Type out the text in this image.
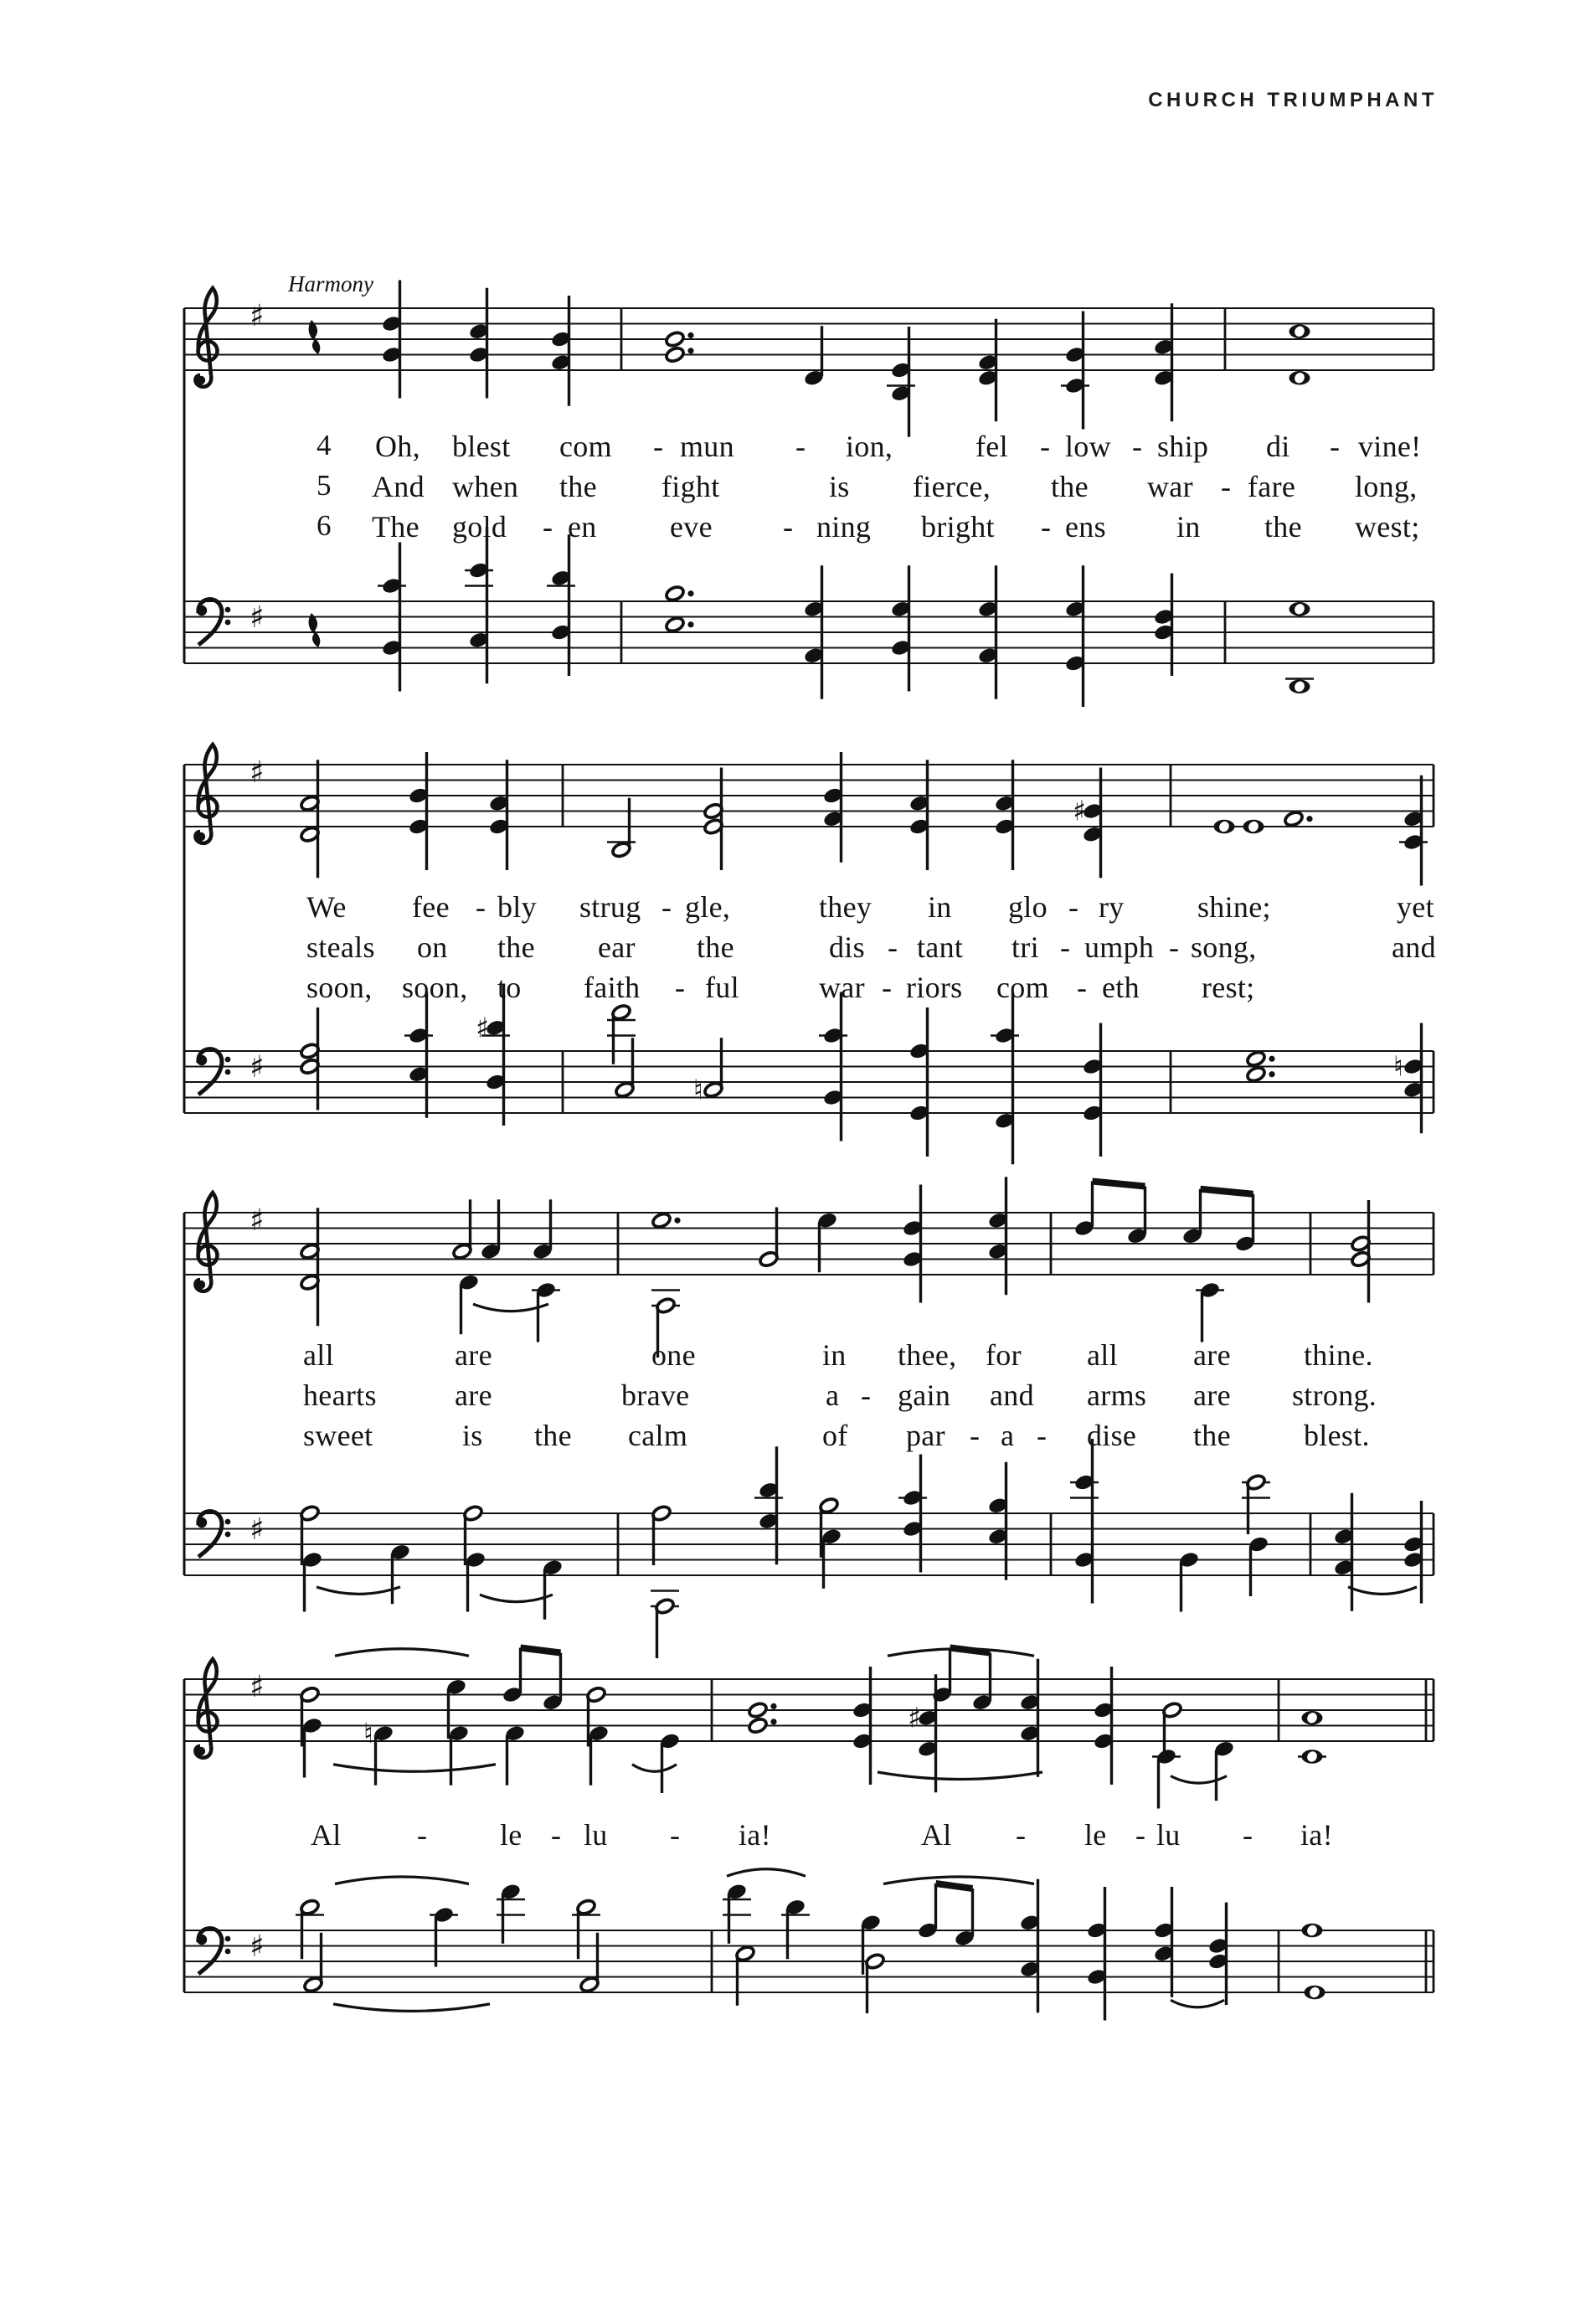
CHURCH TRIUMPHANT
♯
♯
♯
♯
♯
♯
♮
♮
♯
♯
♯
♮	♯
♯
Harmony
4 Oh, blest com - mun - ion,	fel - low - ship di - vine!
5 And when the fight	is fierce, the war - fare long,
6 The gold - en eve - ning bright - ens in the west;
We fee - bly strug - gle,	they in glo - ry shine;	yet
steals on the ear the	dis - tant tri - umph - song,	and
soon, soon, to faith - ful	war - riors com - eth rest;
all	are	one	in thee, for all	are thine.
hearts	are	brave	a - gain and arms are strong.
sweet	is the calm	of par - a - dise the blest.
Al	- le - lu - ia!	Al - le - lu - ia!
